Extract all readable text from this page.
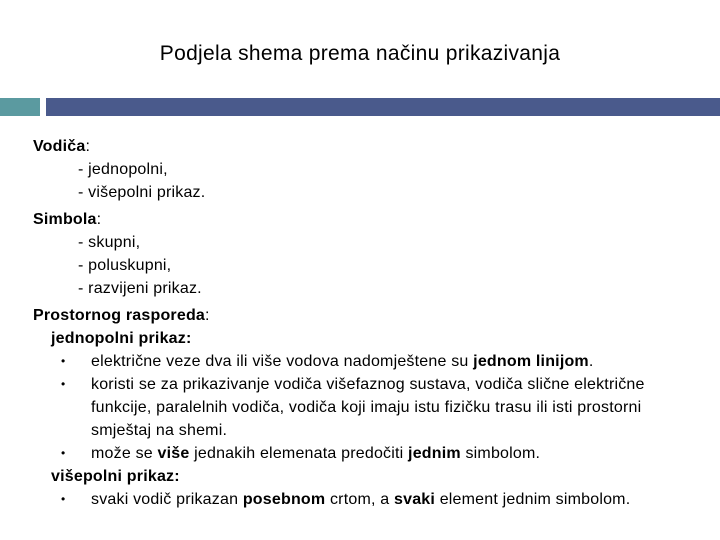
Podjela shema prema načinu prikazivanja
Vodiča:
- jednopolni,
- višepolni prikaz.
Simbola:
- skupni,
- poluskupni,
- razvijeni prikaz.
Prostornog rasporeda:
jednopolni prikaz:
• električne veze dva ili više vodova nadomještene su jednom linijom.
• koristi se za prikazivanje vodiča višefaznog sustava, vodiča slične električne
funkcije, paralelnih vodiča, vodiča koji imaju istu fizičku trasu ili isti prostorni
smještaj na shemi.
• može se više jednakih elemenata predočiti jednim simbolom.
višepolni prikaz:
• svaki vodič prikazan posebnom crtom, a svaki element jednim simbolom.
